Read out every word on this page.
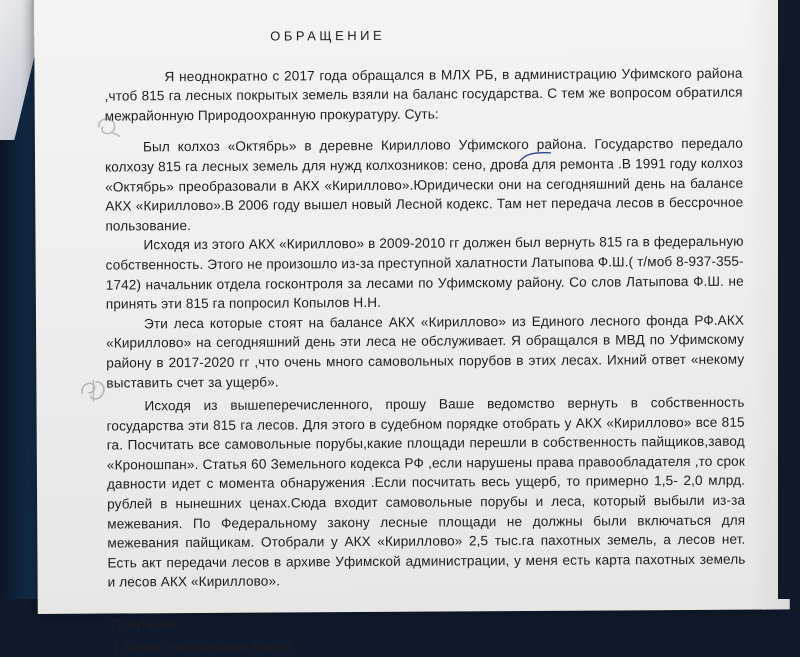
ОБРАЩЕНИЕ

Я неоднократно с 2017 года обращался в МЛХ РБ, в администрацию Уфимского района ,чтоб 815 га лесных покрытых земель взяли на баланс государства. С тем же вопросом обратился межрайонную Природоохранную прокуратуру. Суть:

Был колхоз «Октябрь» в деревне Кириллово Уфимского района. Государство передало колхозу 815 га лесных земель для нужд колхозников: сено, дрова для ремонта .В 1991 году колхоз «Октябрь» преобразовали в АКХ «Кириллово».Юридически они на сегодняшний день на балансе АКХ «Кириллово».В 2006 году вышел новый Лесной кодекс. Там нет передача лесов в бессрочное пользование.

Исходя из этого АКХ «Кириллово» в 2009-2010 гг должен был вернуть 815 га в федеральную собственность. Этого не произошло из-за преступной халатности Латыпова Ф.Ш.( т/моб 8-937-355-1742) начальник отдела госконтроля за лесами по Уфимскому району. Со слов Латыпова Ф.Ш. не принять эти 815 га попросил Копылов Н.Н.

Эти леса которые стоят на балансе АКХ «Кириллово» из Единого лесного фонда РФ.АКХ «Кириллово» на сегодняшний день эти леса не обслуживает. Я обращался в МВД по Уфимскому району в 2017-2020 гг ,что очень много самовольных порубов в этих лесах. Ихний ответ «некому выставить счет за ущерб».

Исходя из вышеперечисленного, прошу Ваше ведомство вернуть в собственность государства эти 815 га лесов. Для этого в судебном порядке отобрать у АКХ «Кириллово» все 815 га. Посчитать все самовольные порубы,какие площади перешли в собственность пайщиков,завод «Кроношпан». Статья 60 Земельного кодекса РФ ,если нарушены права правообладателя ,то срок давности идет с момента обнаружения .Если посчитать весь ущерб, то примерно 1,5- 2,0 млрд. рублей в нынешних ценах.Сюда входит самовольные порубы и леса, который выбыли из-за межевания. По Федеральному закону лесные площади не должны были включаться для межевания пайщикам. Отобрали у АКХ «Кириллово» 2,5 тыс.га пахотных земель, а лесов нет. Есть акт передачи лесов в архиве Уфимской администрации, у меня есть карта пахотных земель и лесов АКХ «Кириллово».

Прилагаю:
1.Копию экспликации карты .
